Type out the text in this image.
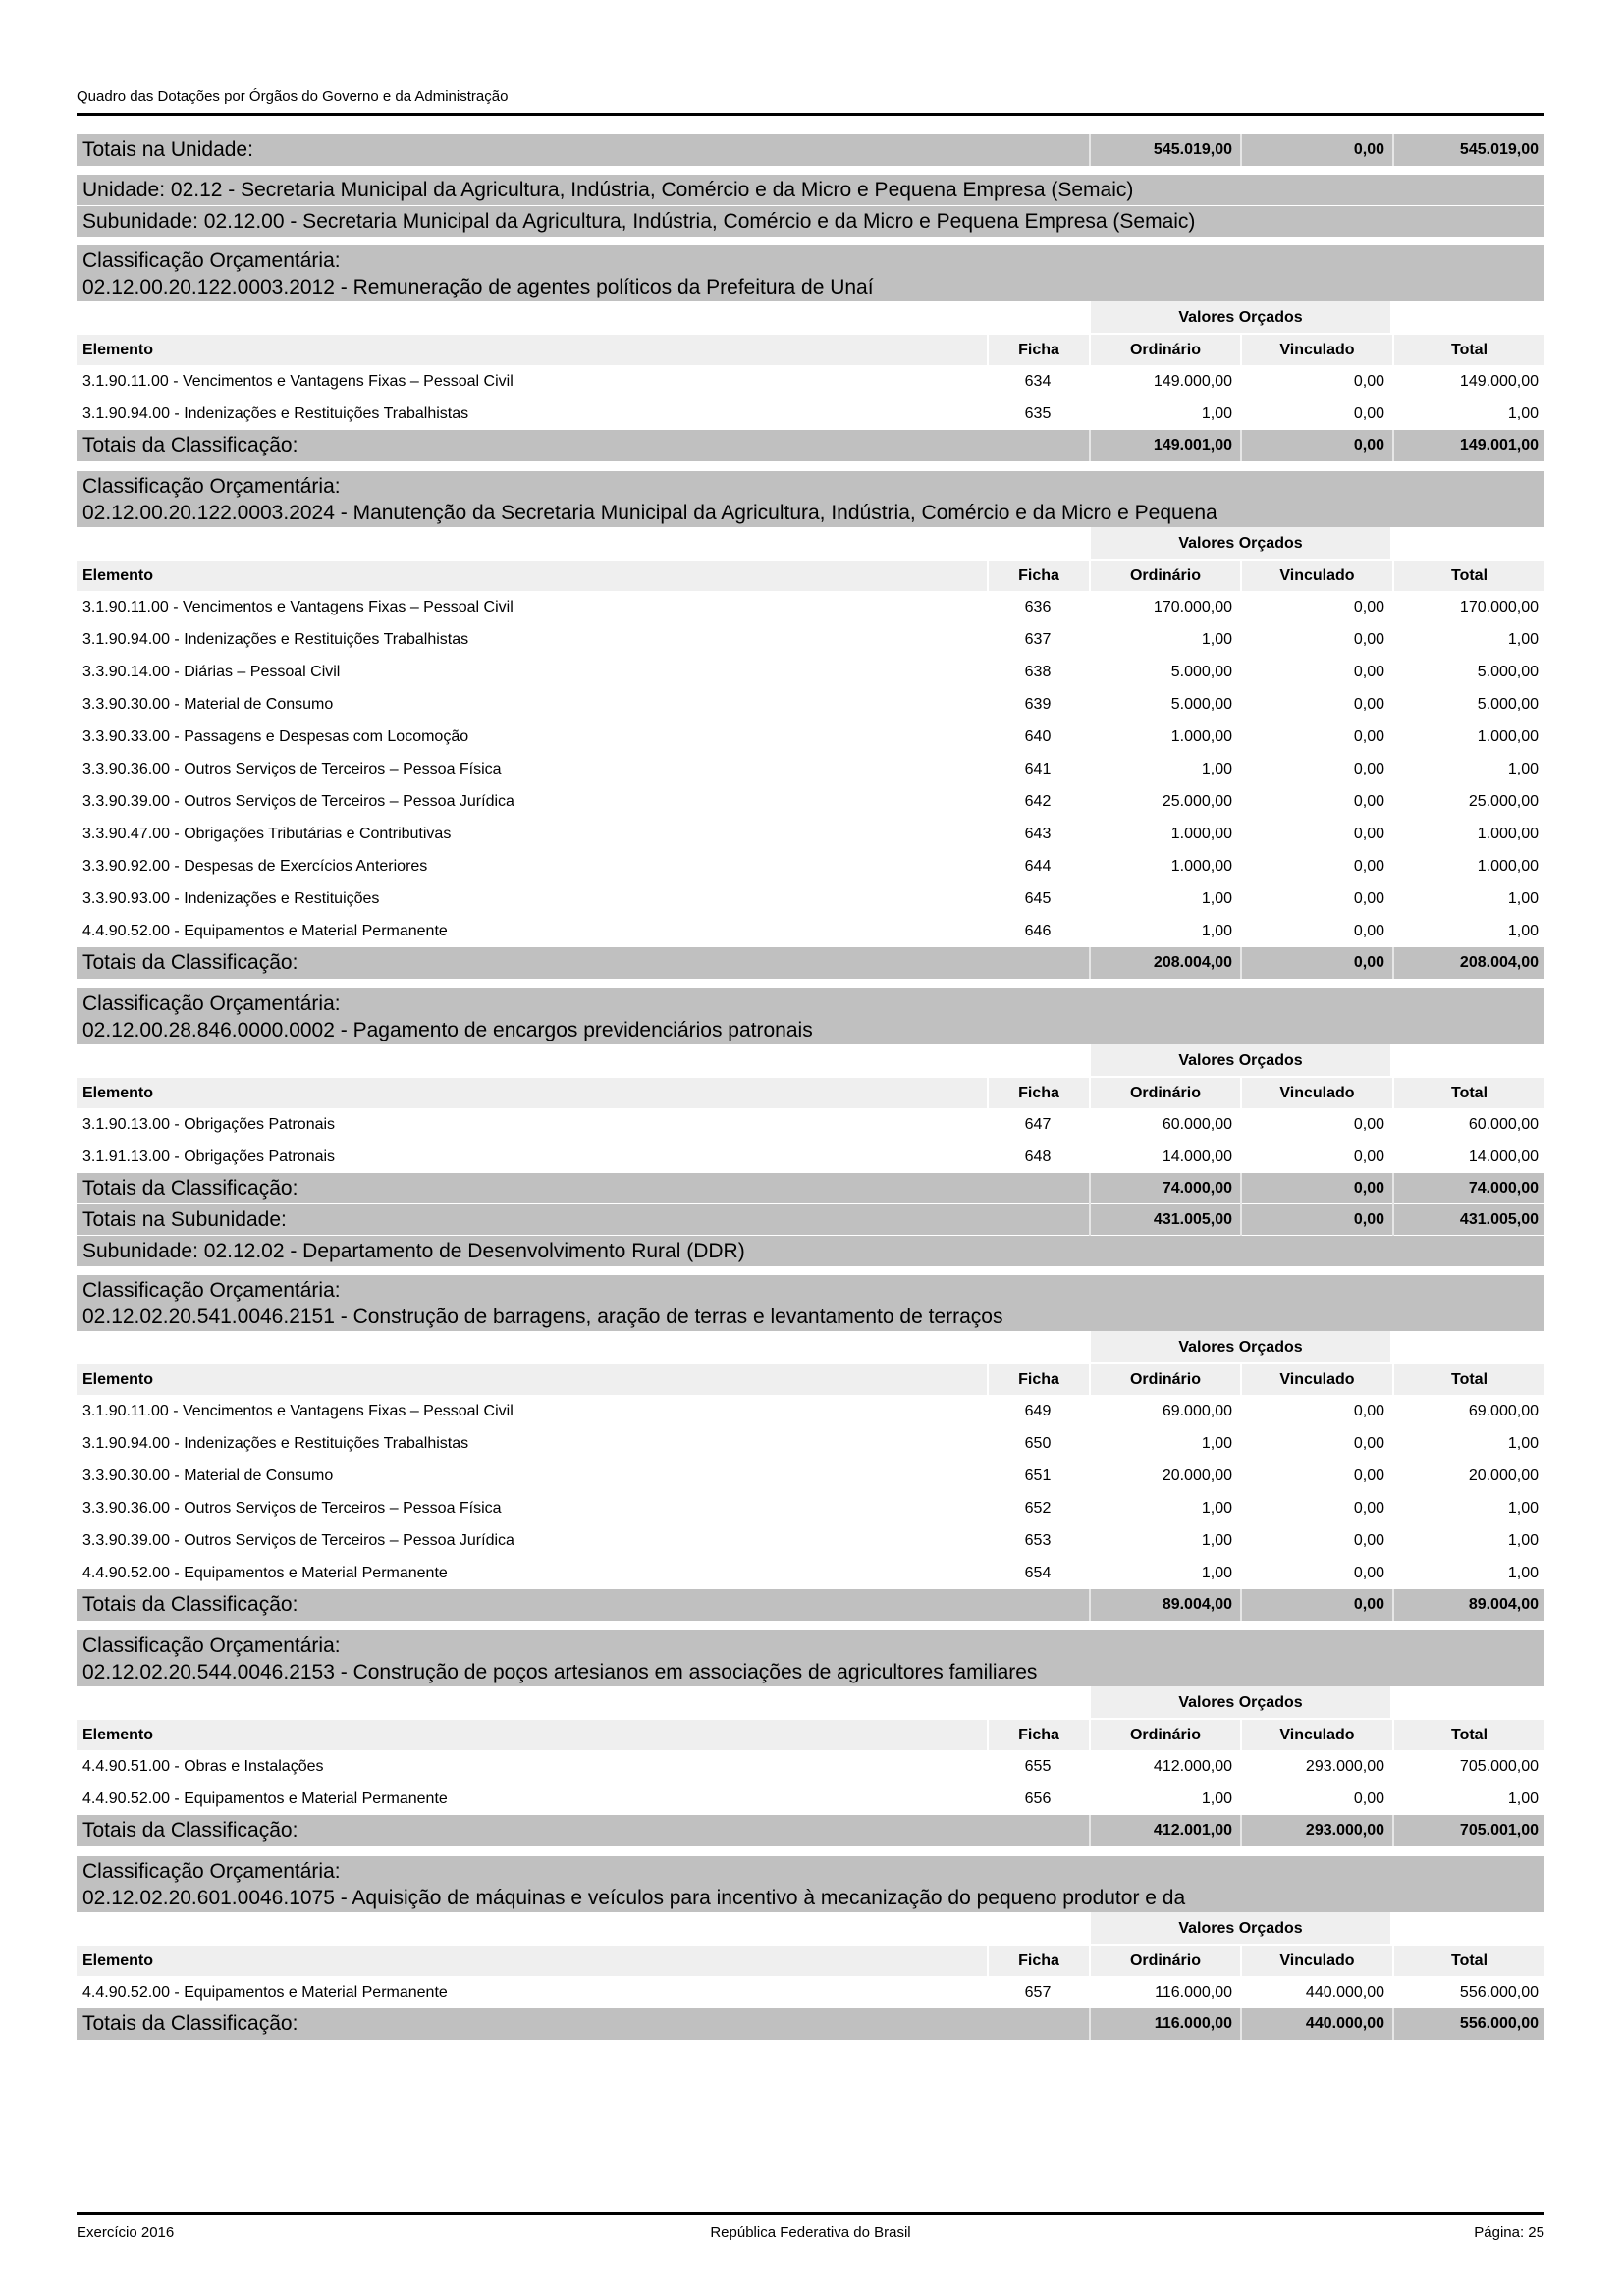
Quadro das Dotações por Órgãos do Governo e da Administração
Totais na Unidade:	545.019,00	0,00	545.019,00
Unidade: 02.12 - Secretaria Municipal da Agricultura, Indústria, Comércio e da Micro e Pequena Empresa (Semaic)
Subunidade: 02.12.00 - Secretaria Municipal da Agricultura, Indústria, Comércio e da Micro e Pequena Empresa (Semaic)
Classificação Orçamentária:
02.12.00.20.122.0003.2012 - Remuneração de agentes políticos da Prefeitura de Unaí
Valores Orçados
Elemento	Ficha	Ordinário	Vinculado	Total
3.1.90.11.00 - Vencimentos e Vantagens Fixas – Pessoal Civil	634	149.000,00	0,00	149.000,00
3.1.90.94.00 - Indenizações e Restituições Trabalhistas	635	1,00	0,00	1,00
Totais da Classificação:	149.001,00	0,00	149.001,00
Classificação Orçamentária:
02.12.00.20.122.0003.2024 - Manutenção da Secretaria Municipal da Agricultura, Indústria, Comércio e da Micro e Pequena
Valores Orçados
Elemento	Ficha	Ordinário	Vinculado	Total
3.1.90.11.00 - Vencimentos e Vantagens Fixas – Pessoal Civil	636	170.000,00	0,00	170.000,00
3.1.90.94.00 - Indenizações e Restituições Trabalhistas	637	1,00	0,00	1,00
3.3.90.14.00 - Diárias – Pessoal Civil	638	5.000,00	0,00	5.000,00
3.3.90.30.00 - Material de Consumo	639	5.000,00	0,00	5.000,00
3.3.90.33.00 - Passagens e Despesas com Locomoção	640	1.000,00	0,00	1.000,00
3.3.90.36.00 - Outros Serviços de Terceiros – Pessoa Física	641	1,00	0,00	1,00
3.3.90.39.00 - Outros Serviços de Terceiros – Pessoa Jurídica	642	25.000,00	0,00	25.000,00
3.3.90.47.00 - Obrigações Tributárias e Contributivas	643	1.000,00	0,00	1.000,00
3.3.90.92.00 - Despesas de Exercícios Anteriores	644	1.000,00	0,00	1.000,00
3.3.90.93.00 - Indenizações e Restituições	645	1,00	0,00	1,00
4.4.90.52.00 - Equipamentos e Material Permanente	646	1,00	0,00	1,00
Totais da Classificação:	208.004,00	0,00	208.004,00
Classificação Orçamentária:
02.12.00.28.846.0000.0002 - Pagamento de encargos previdenciários patronais
Valores Orçados
Elemento	Ficha	Ordinário	Vinculado	Total
3.1.90.13.00 - Obrigações Patronais	647	60.000,00	0,00	60.000,00
3.1.91.13.00 - Obrigações Patronais	648	14.000,00	0,00	14.000,00
Totais da Classificação:	74.000,00	0,00	74.000,00
Totais na Subunidade:	431.005,00	0,00	431.005,00
Subunidade: 02.12.02 - Departamento de Desenvolvimento Rural (DDR)
Classificação Orçamentária:
02.12.02.20.541.0046.2151 - Construção de barragens, aração de terras e levantamento de terraços
Valores Orçados
Elemento	Ficha	Ordinário	Vinculado	Total
3.1.90.11.00 - Vencimentos e Vantagens Fixas – Pessoal Civil	649	69.000,00	0,00	69.000,00
3.1.90.94.00 - Indenizações e Restituições Trabalhistas	650	1,00	0,00	1,00
3.3.90.30.00 - Material de Consumo	651	20.000,00	0,00	20.000,00
3.3.90.36.00 - Outros Serviços de Terceiros – Pessoa Física	652	1,00	0,00	1,00
3.3.90.39.00 - Outros Serviços de Terceiros – Pessoa Jurídica	653	1,00	0,00	1,00
4.4.90.52.00 - Equipamentos e Material Permanente	654	1,00	0,00	1,00
Totais da Classificação:	89.004,00	0,00	89.004,00
Classificação Orçamentária:
02.12.02.20.544.0046.2153 - Construção de poços artesianos em associações de agricultores familiares
Valores Orçados
Elemento	Ficha	Ordinário	Vinculado	Total
4.4.90.51.00 - Obras e Instalações	655	412.000,00	293.000,00	705.000,00
4.4.90.52.00 - Equipamentos e Material Permanente	656	1,00	0,00	1,00
Totais da Classificação:	412.001,00	293.000,00	705.001,00
Classificação Orçamentária:
02.12.02.20.601.0046.1075 - Aquisição de máquinas e veículos para incentivo à mecanização do pequeno produtor e da
Valores Orçados
Elemento	Ficha	Ordinário	Vinculado	Total
4.4.90.52.00 - Equipamentos e Material Permanente	657	116.000,00	440.000,00	556.000,00
Totais da Classificação:	116.000,00	440.000,00	556.000,00
Exercício 2016	República Federativa do Brasil	Página: 25
